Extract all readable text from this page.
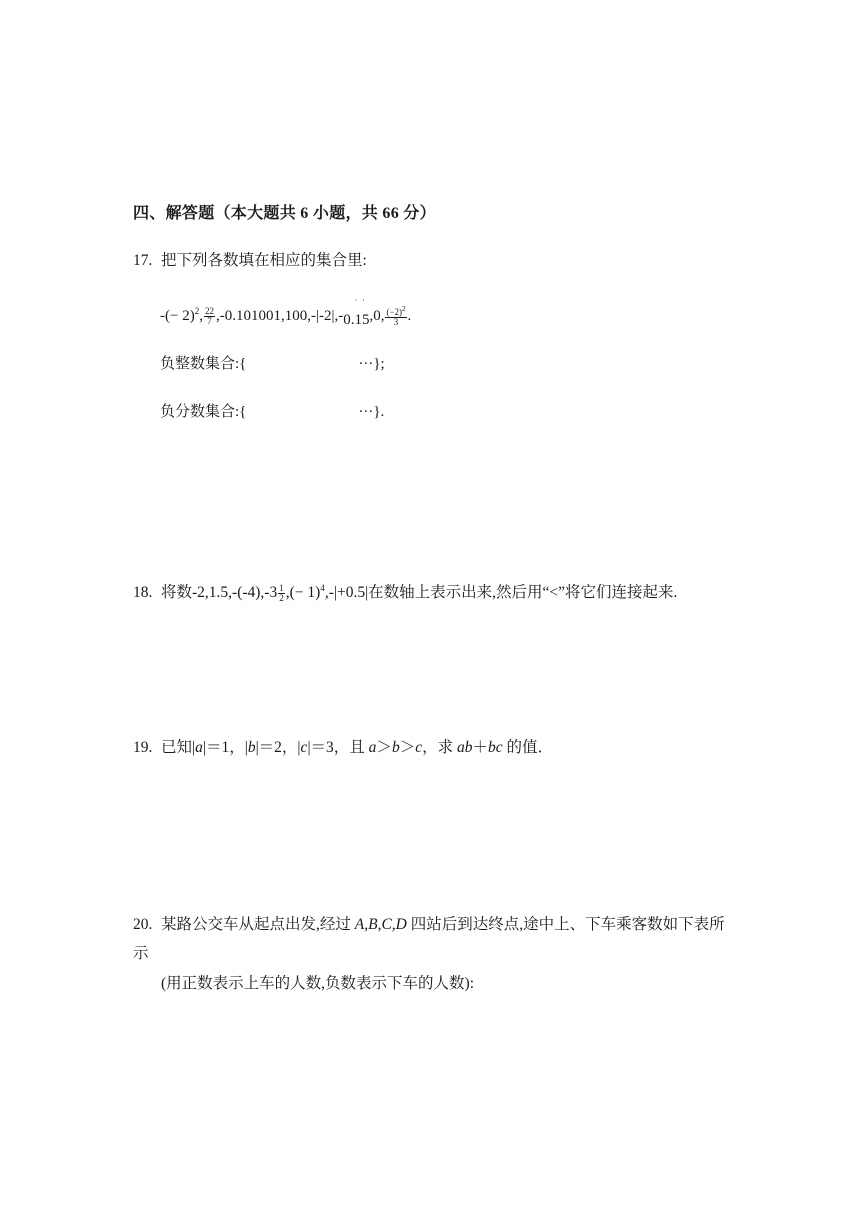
四、解答题（本大题共 6 小题，共 66 分）
17. 把下列各数填在相应的集合里:
-(− 2)$^2$, $\frac{22}{7} ,-0.101001,100,-|-2|,-0$.
˙
1
˙
5,0, $\frac{(-2)^2}{3}$ .
负整数集合:{	···};
负分数集合:{	···}.
18. 将数$-2,1.5,-(-4),-3 \frac{1}{2}$ ,(− 1)$^4$,-|+0.5|在数轴上表示出来,然后用“<”将它们连接起来.
19. 已知|a|＝1，|b|＝2，|c|＝3，且 a＞b＞c，求 ab＋bc 的值．
20. 某路公交车从起点出发,经过 A,B,C,D 四站后到达终点,途中上、下车乘客数如下表所示
(用正数表示上车的人数,负数表示下车的人数):
